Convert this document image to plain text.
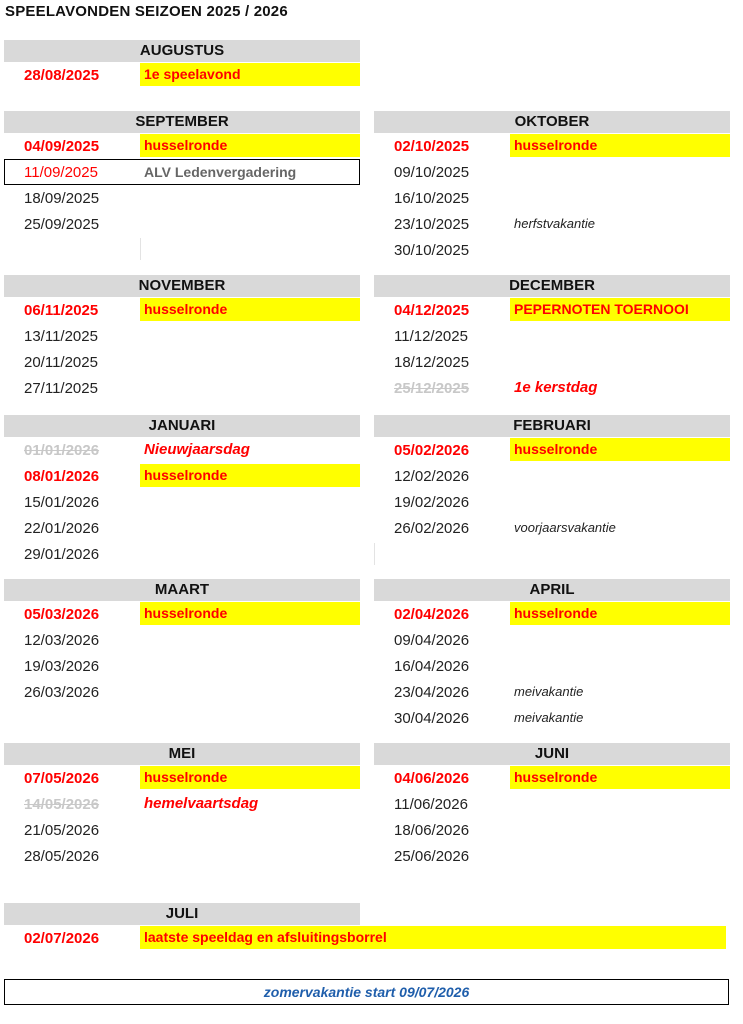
SPEELAVONDEN SEIZOEN 2025 / 2026
AUGUSTUS
28/08/2025	1e speelavond
SEPTEMBER
04/09/2025	husselronde
11/09/2025	ALV Ledenvergadering
18/09/2025
25/09/2025
OKTOBER
02/10/2025	husselronde
09/10/2025
16/10/2025
23/10/2025	herfstvakantie
30/10/2025
NOVEMBER
06/11/2025	husselronde
13/11/2025
20/11/2025
27/11/2025
DECEMBER
04/12/2025	PEPERNOTEN TOERNOOI
11/12/2025
18/12/2025
25/12/2025	1e kerstdag
JANUARI
01/01/2026	Nieuwjaarsdag
08/01/2026	husselronde
15/01/2026
22/01/2026
29/01/2026
FEBRUARI
05/02/2026	husselronde
12/02/2026
19/02/2026
26/02/2026	voorjaarsvakantie
MAART
05/03/2026	husselronde
12/03/2026
19/03/2026
26/03/2026
APRIL
02/04/2026	husselronde
09/04/2026
16/04/2026
23/04/2026	meivakantie
30/04/2026	meivakantie
MEI
07/05/2026	husselronde
14/05/2026	hemelvaartsdag
21/05/2026
28/05/2026
JUNI
04/06/2026	husselronde
11/06/2026
18/06/2026
25/06/2026
JULI
02/07/2026	laatste speeldag en afsluitingsborrel
zomervakantie start 09/07/2026
